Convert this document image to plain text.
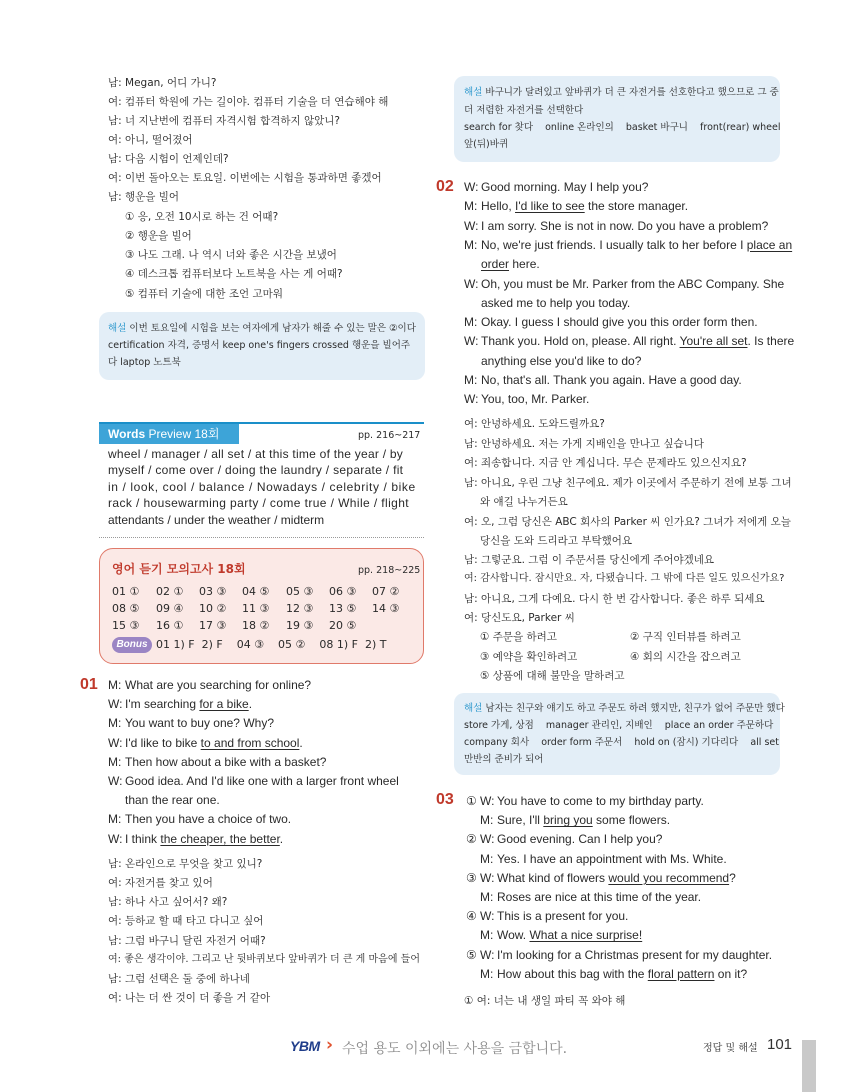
남: Megan, 어디 가니?
여: 컴퓨터 학원에 가는 길이야. 컴퓨터 기술을 더 연습해야 해
남: 너 지난번에 컴퓨터 자격시험 합격하지 않았니?
여: 아니, 떨어졌어
남: 다음 시험이 언제인데?
여: 이번 돌아오는 토요일. 이번에는 시험을 통과하면 좋겠어
남: 행운을 빌어
① 응, 오전 10시로 하는 건 어때?
② 행운을 빌어
③ 나도 그래. 나 역시 너와 좋은 시간을 보냈어
④ 데스크톱 컴퓨터보다 노트북을 사는 게 어때?
⑤ 컴퓨터 기술에 대한 조언 고마워
해설 이번 토요일에 시험을 보는 여자에게 남자가 해줄 수 있는 말은 ②이다
certification 자격, 증명서 keep one's fingers crossed 행운을 빌어주
다 laptop 노트북
Words Preview 18회	pp. 216~217
wheel / manager / all set / at this time of the year / by
myself / come over / doing the laundry / separate / fit
in / look, cool / balance / Nowadays / celebrity / bike
rack / housewarming party / come true / While / flight
attendants / under the weather / midterm
영어 듣기 모의고사 18회	pp. 218~225
01 ① 02 ① 03 ③ 04 ⑤ 05 ③ 06 ③ 07 ②
08 ⑤ 09 ④ 10 ② 11 ③ 12 ③ 13 ⑤ 14 ③
15 ③ 16 ① 17 ③ 18 ② 19 ③ 20 ⑤
Bonus 01 1) F  2) F    04 ③    05 ②    08 1) F  2) T
01 M: What are you searching for online?
W: I'm searching for a bike.
M: You want to buy one? Why?
W: I'd like to bike to and from school.
M: Then how about a bike with a basket?
W: Good idea. And I'd like one with a larger front wheel
than the rear one.
M: Then you have a choice of two.
W: I think the cheaper, the better.
남: 온라인으로 무엇을 찾고 있니?
여: 자전거를 찾고 있어
남: 하나 사고 싶어서? 왜?
여: 등하교 할 때 타고 다니고 싶어
남: 그럼 바구니 달린 자전거 어때?
여: 좋은 생각이야. 그리고 난 뒷바퀴보다 앞바퀴가 더 큰 게 마음에 들어
남: 그럼 선택은 둘 중에 하나네
여: 나는 더 싼 것이 더 좋을 거 같아
해설 바구니가 달려있고 앞바퀴가 더 큰 자전거를 선호한다고 했으므로 그 중
더 저렴한 자전거를 선택한다
search for 찾다    online 온라인의    basket 바구니    front(rear) wheel
앞(뒤)바퀴
02 W: Good morning. May I help you?
M: Hello, I'd like to see the store manager.
W: I am sorry. She is not in now. Do you have a problem?
M: No, we're just friends. I usually talk to her before I place an
order here.
W: Oh, you must be Mr. Parker from the ABC Company. She
asked me to help you today.
M: Okay. I guess I should give you this order form then.
W: Thank you. Hold on, please. All right. You're all set. Is there
anything else you'd like to do?
M: No, that's all. Thank you again. Have a good day.
W: You, too, Mr. Parker.
여: 안녕하세요. 도와드릴까요?
남: 안녕하세요. 저는 가게 지배인을 만나고 싶습니다
여: 죄송합니다. 지금 안 계십니다. 무슨 문제라도 있으신지요?
남: 아니요, 우린 그냥 친구에요. 제가 이곳에서 주문하기 전에 보통 그녀
와 얘길 나누거든요
여: 오, 그럼 당신은 ABC 회사의 Parker 씨 인가요? 그녀가 저에게 오늘
당신을 도와 드리라고 부탁했어요
남: 그렇군요. 그럼 이 주문서를 당신에게 주어야겠네요
여: 감사합니다. 잠시만요. 자, 다됐습니다. 그 밖에 다른 일도 있으신가요?
남: 아니요, 그게 다예요. 다시 한 번 감사합니다. 좋은 하루 되세요
여: 당신도요, Parker 씨
① 주문을 하려고	② 구직 인터뷰를 하려고
③ 예약을 확인하려고	④ 회의 시간을 잡으려고
⑤ 상품에 대해 불만을 말하려고
해설 남자는 친구와 얘기도 하고 주문도 하려 했지만, 친구가 없어 주문만 했다
store 가게, 상점    manager 관리인, 지배인    place an order 주문하다
company 회사    order form 주문서    hold on (잠시) 기다리다    all set
만반의 준비가 되어
03 ① W: You have to come to my birthday party.
M: Sure, I'll bring you some flowers.
② W: Good evening. Can I help you?
M: Yes. I have an appointment with Ms. White.
③ W: What kind of flowers would you recommend?
M: Roses are nice at this time of the year.
④ W: This is a present for you.
M: Wow. What a nice surprise!
⑤ W: I'm looking for a Christmas present for my daughter.
M: How about this bag with the floral pattern on it?
① 여: 너는 내 생일 파티 꼭 와야 해
YBM › 수업 용도 이외에는 사용을 금합니다.	정답 및 해설 101
